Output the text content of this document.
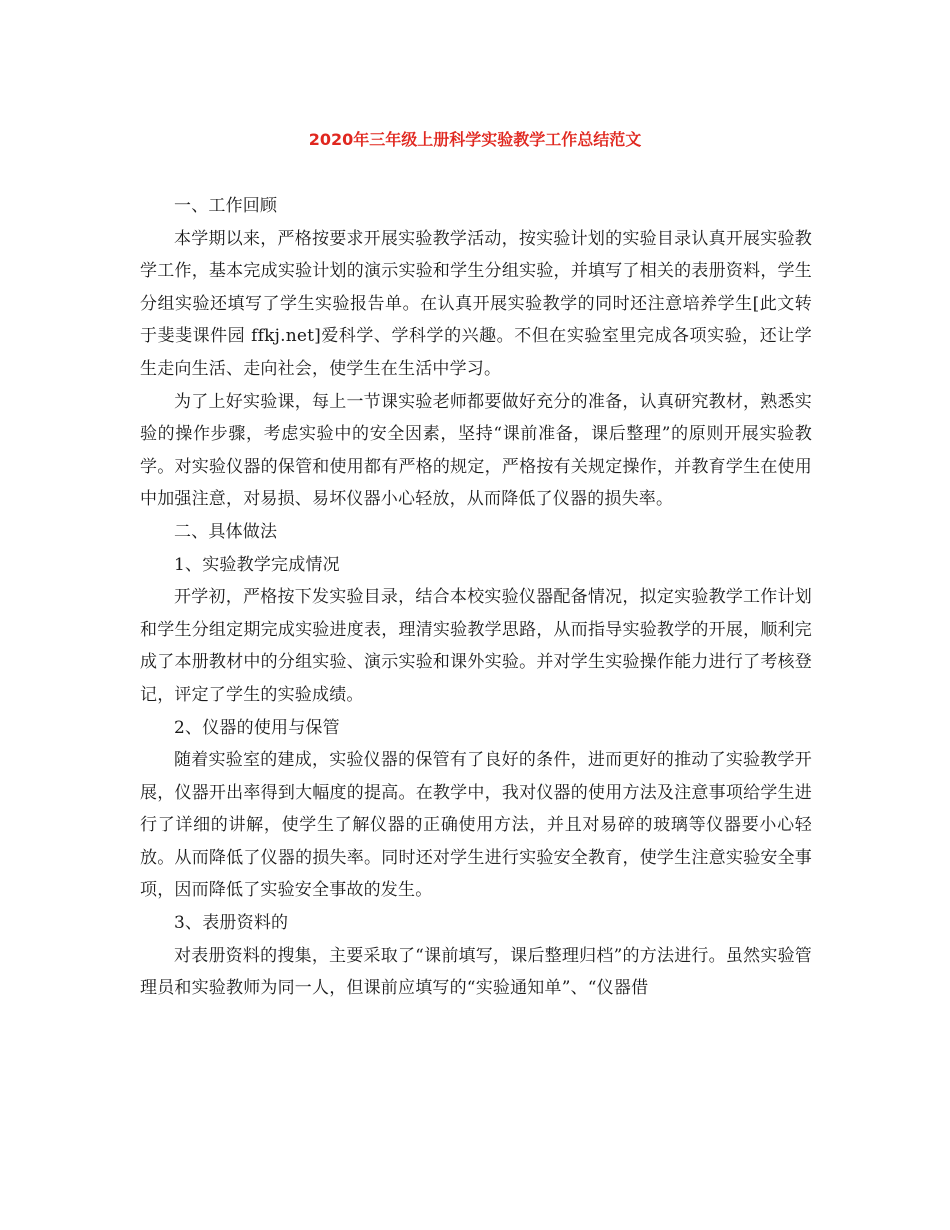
2020年三年级上册科学实验教学工作总结范文

一、工作回顾

本学期以来，严格按要求开展实验教学活动，按实验计划的实验目录认真开展实验教学工作，基本完成实验计划的演示实验和学生分组实验，并填写了相关的表册资料，学生分组实验还填写了学生实验报告单。在认真开展实验教学的同时还注意培养学生[此文转于斐斐课件园 ffkj.net]爱科学、学科学的兴趣。不但在实验室里完成各项实验，还让学生走向生活、走向社会，使学生在生活中学习。

为了上好实验课，每上一节课实验老师都要做好充分的准备，认真研究教材，熟悉实验的操作步骤，考虑实验中的安全因素，坚持“课前准备，课后整理”的原则开展实验教学。对实验仪器的保管和使用都有严格的规定，严格按有关规定操作，并教育学生在使用中加强注意，对易损、易坏仪器小心轻放，从而降低了仪器的损失率。

二、具体做法

1、实验教学完成情况

开学初，严格按下发实验目录，结合本校实验仪器配备情况，拟定实验教学工作计划和学生分组定期完成实验进度表，理清实验教学思路，从而指导实验教学的开展，顺利完成了本册教材中的分组实验、演示实验和课外实验。并对学生实验操作能力进行了考核登记，评定了学生的实验成绩。

2、仪器的使用与保管

随着实验室的建成，实验仪器的保管有了良好的条件，进而更好的推动了实验教学开展，仪器开出率得到大幅度的提高。在教学中，我对仪器的使用方法及注意事项给学生进行了详细的讲解，使学生了解仪器的正确使用方法，并且对易碎的玻璃等仪器要小心轻放。从而降低了仪器的损失率。同时还对学生进行实验安全教育，使学生注意实验安全事项，因而降低了实验安全事故的发生。

3、表册资料的

对表册资料的搜集，主要采取了“课前填写，课后整理归档”的方法进行。虽然实验管理员和实验教师为同一人，但课前应填写的“实验通知单”、“仪器借
